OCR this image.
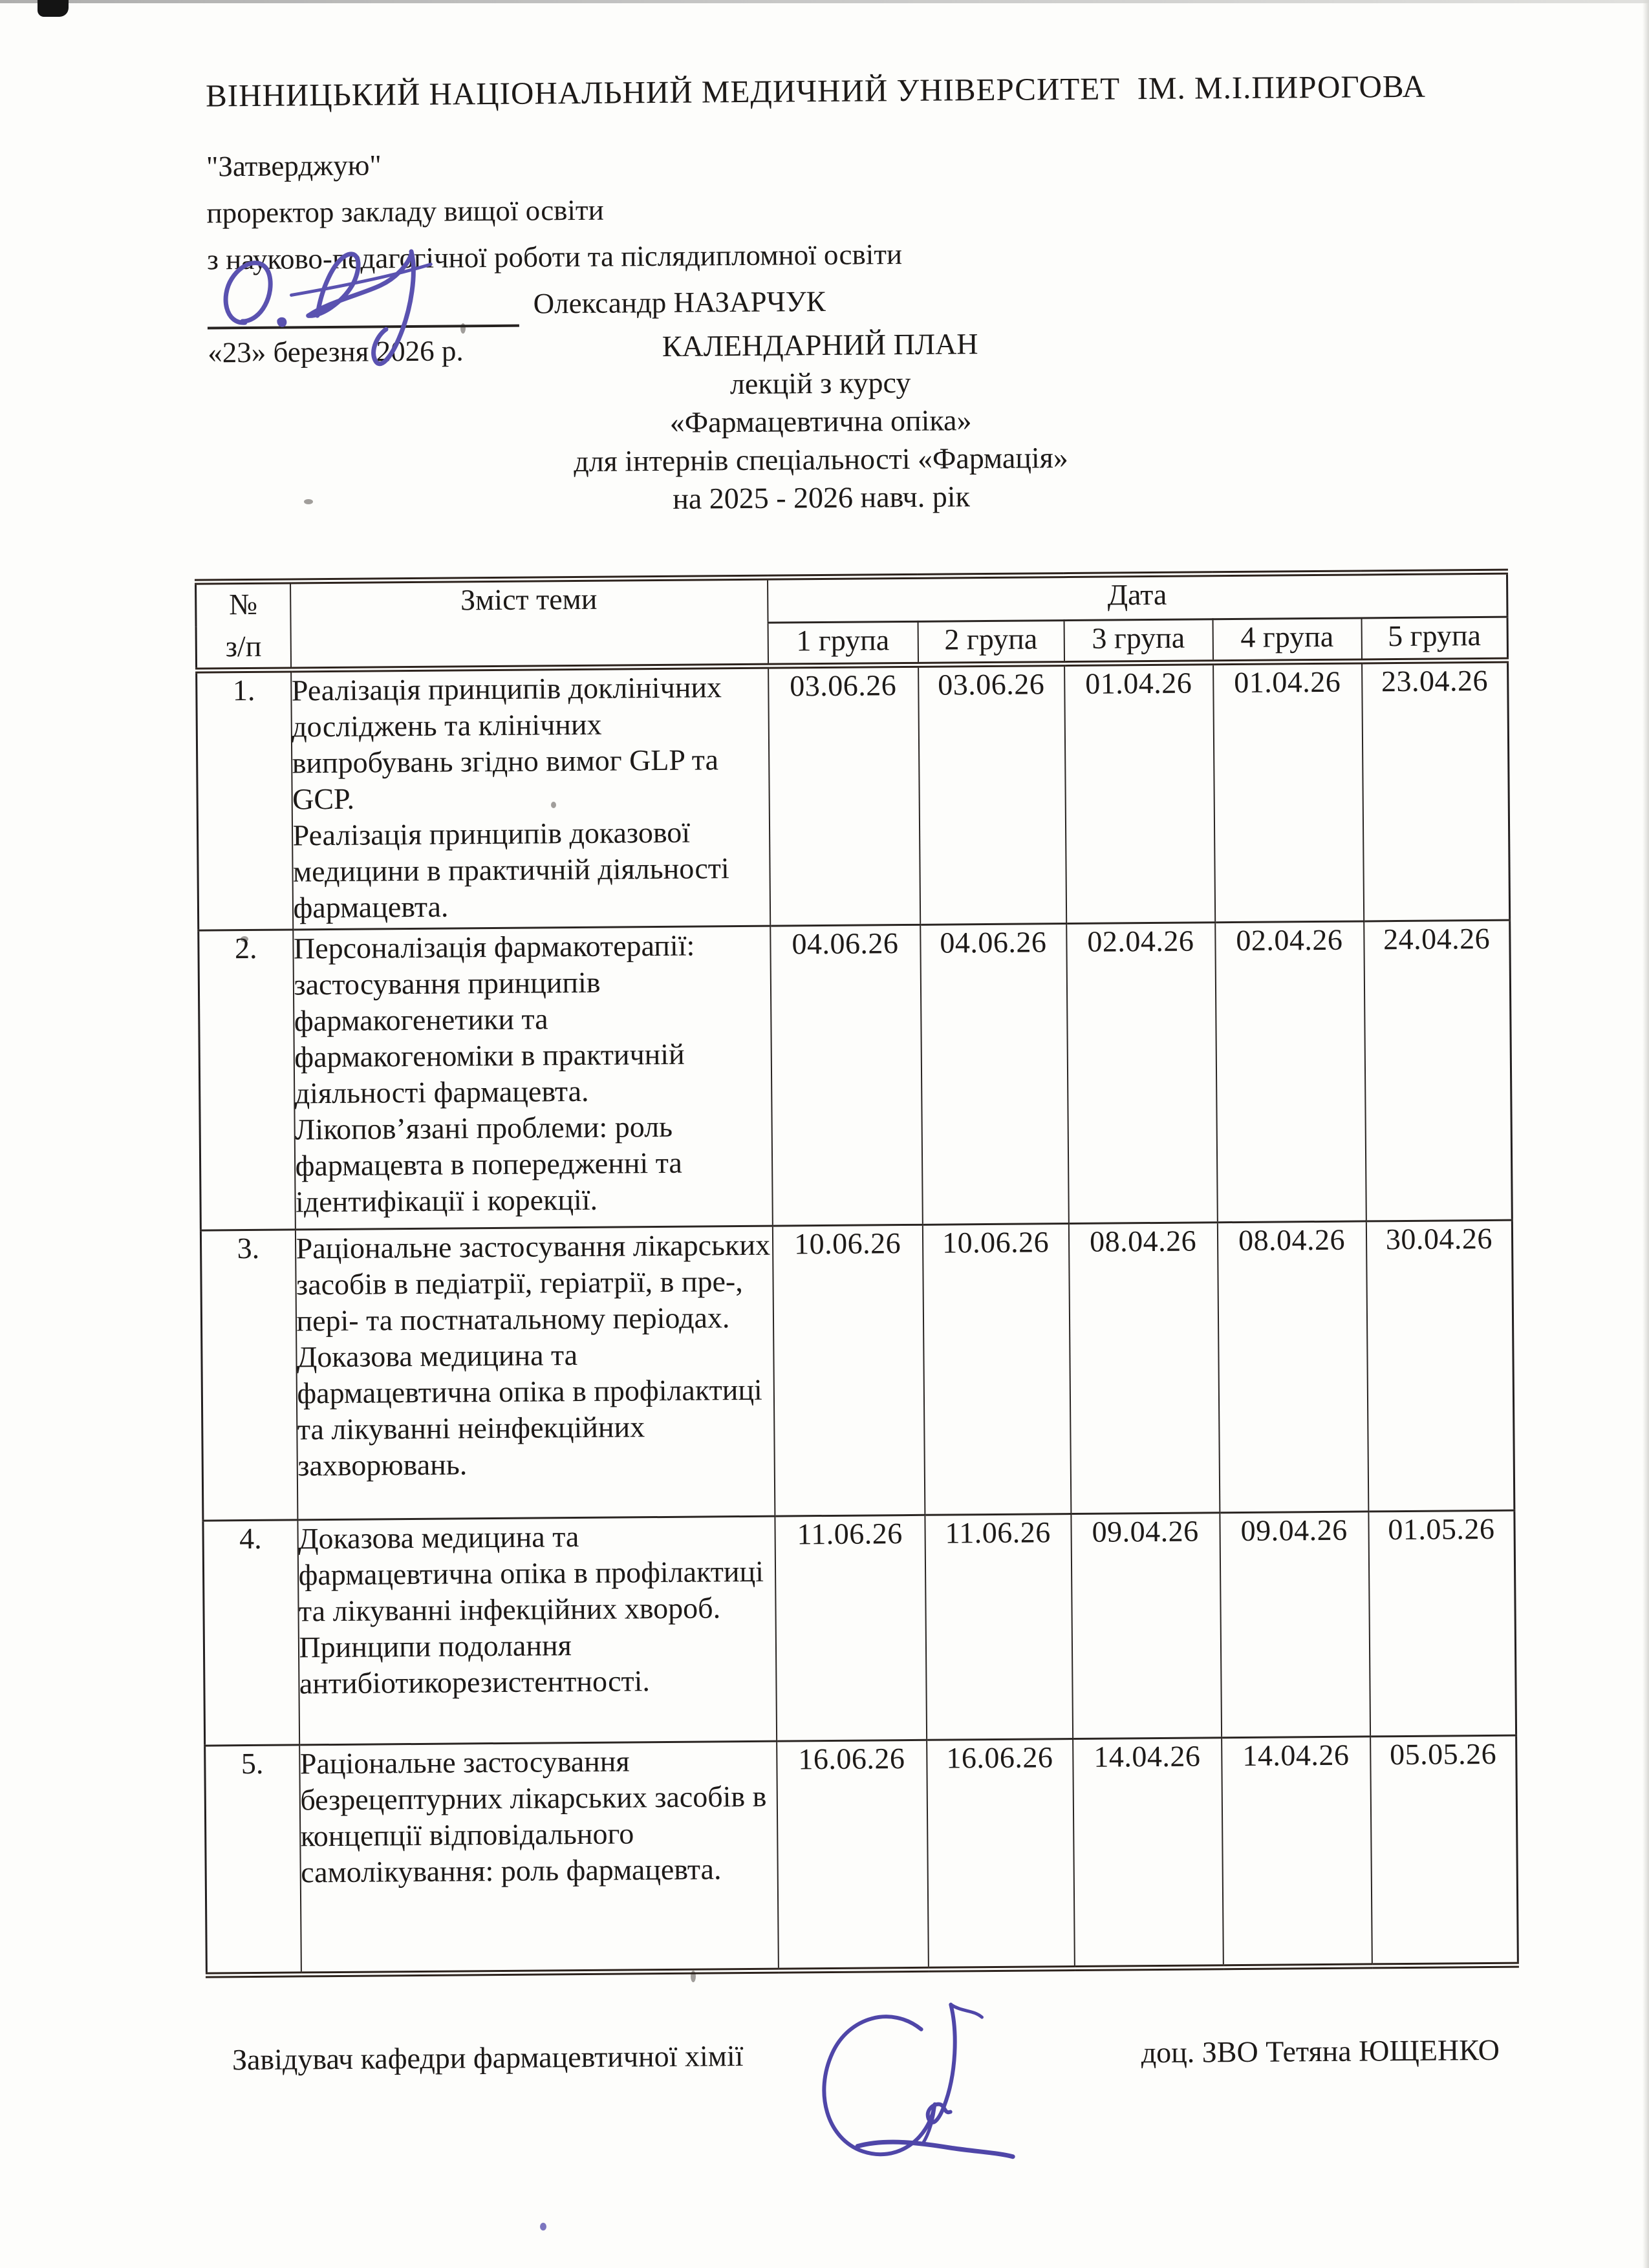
ВІННИЦЬКИЙ НАЦІОНАЛЬНИЙ МЕДИЧНИЙ УНІВЕРСИТЕТ  ІМ. М.І.ПИРОГОВА
"Затверджую"
проректор закладу вищої освіти
з науково-педагогічної роботи та післядипломної освіти
Олександр НАЗАРЧУК
«23» березня 2026 р.	КАЛЕНДАРНИЙ ПЛАН
лекцій з курсу
«Фармацевтична опіка»
для інтернів спеціальності «Фармація»
на 2025 - 2026 навч. рік
№
з/п	Зміст теми	Дата				
		1 група	2 група	3 група	4 група	5 група
1.	Реалізація принципів доклінічних досліджень та клінічних випробувань згідно вимог GLP та GCP.
Реалізація принципів доказової медицини в практичній діяльності фармацевта.	03.06.26	03.06.26	01.04.26	01.04.26	23.04.26
2.	Персоналізація фармакотерапії: застосування принципів фармакогенетики та фармакогеноміки в практичній діяльності фармацевта.
Лікопов’язані проблеми: роль фармацевта в попередженні та ідентифікації і корекції.	04.06.26	04.06.26	02.04.26	02.04.26	24.04.26
3.	Раціональне застосування лікарських засобів в педіатрії, геріатрії, в пре-, пері- та постнатальному періодах.
Доказова медицина та фармацевтична опіка в профілактиці та лікуванні неінфекційних захворювань.	10.06.26	10.06.26	08.04.26	08.04.26	30.04.26
4.	Доказова медицина та фармацевтична опіка в профілактиці та лікуванні інфекційних хвороб.
Принципи подолання антибіотикорезистентності.	11.06.26	11.06.26	09.04.26	09.04.26	01.05.26
5.	Раціональне застосування безрецептурних лікарських засобів в концепції відповідального самолікування: роль фармацевта.	16.06.26	16.06.26	14.04.26	14.04.26	05.05.26
Завідувач кафедри фармацевтичної хімії	доц. ЗВО Тетяна ЮЩЕНКО
